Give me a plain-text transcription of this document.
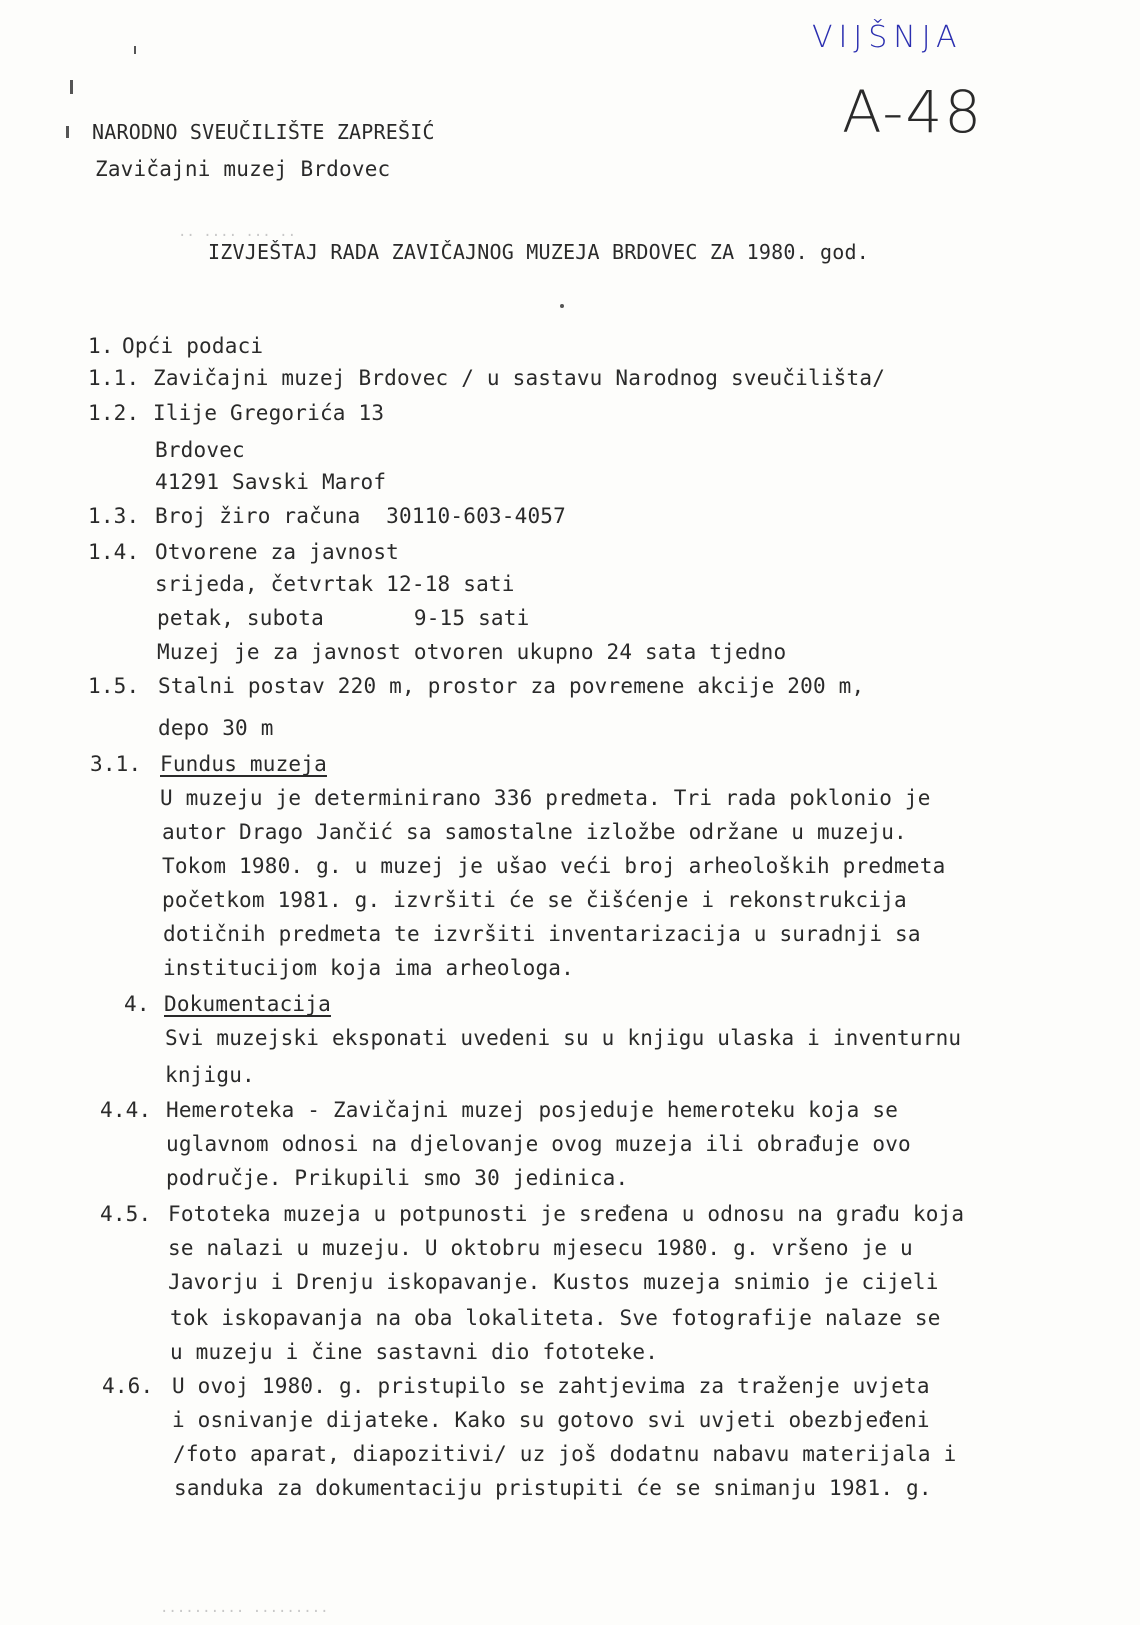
VIJŠNJA
A-48
NARODNO SVEUČILIŠTE ZAPREŠIĆ
Zavičajni muzej Brdovec
·· ···· ··· ··
IZVJEŠTAJ RADA ZAVIČAJNOG MUZEJA BRDOVEC ZA 1980. god.
1. Opći podaci
1.1. Zavičajni muzej Brdovec / u sastavu Narodnog sveučilišta/
1.2. Ilije Gregorića 13
Brdovec
41291 Savski Marof
1.3. Broj žiro računa  30110-603-4057
1.4. Otvorene za javnost
srijeda, četvrtak 12-18 sati
petak, subota       9-15 sati
Muzej je za javnost otvoren ukupno 24 sata tjedno
1.5. Stalni postav 220 m, prostor za povremene akcije 200 m,
depo 30 m
3.1. Fundus muzeja
U muzeju je determinirano 336 predmeta. Tri rada poklonio je
autor Drago Jančić sa samostalne izložbe održane u muzeju.
Tokom 1980. g. u muzej je ušao veći broj arheoloških predmeta
početkom 1981. g. izvršiti će se čišćenje i rekonstrukcija
dotičnih predmeta te izvršiti inventarizacija u suradnji sa
institucijom koja ima arheologa.
4. Dokumentacija
Svi muzejski eksponati uvedeni su u knjigu ulaska i inventurnu
knjigu.
4.4. Hemeroteka - Zavičajni muzej posjeduje hemeroteku koja se
uglavnom odnosi na djelovanje ovog muzeja ili obrađuje ovo
područje. Prikupili smo 30 jedinica.
4.5. Fototeka muzeja u potpunosti je sređena u odnosu na građu koja
se nalazi u muzeju. U oktobru mjesecu 1980. g. vršeno je u
Javorju i Drenju iskopavanje. Kustos muzeja snimio je cijeli
tok iskopavanja na oba lokaliteta. Sve fotografije nalaze se
u muzeju i čine sastavni dio fototeke.
4.6. U ovoj 1980. g. pristupilo se zahtjevima za traženje uvjeta
i osnivanje dijateke. Kako su gotovo svi uvjeti obezbjeđeni
/foto aparat, diapozitivi/ uz još dodatnu nabavu materijala i
sanduka za dokumentaciju pristupiti će se snimanju 1981. g.
·········· ·········
